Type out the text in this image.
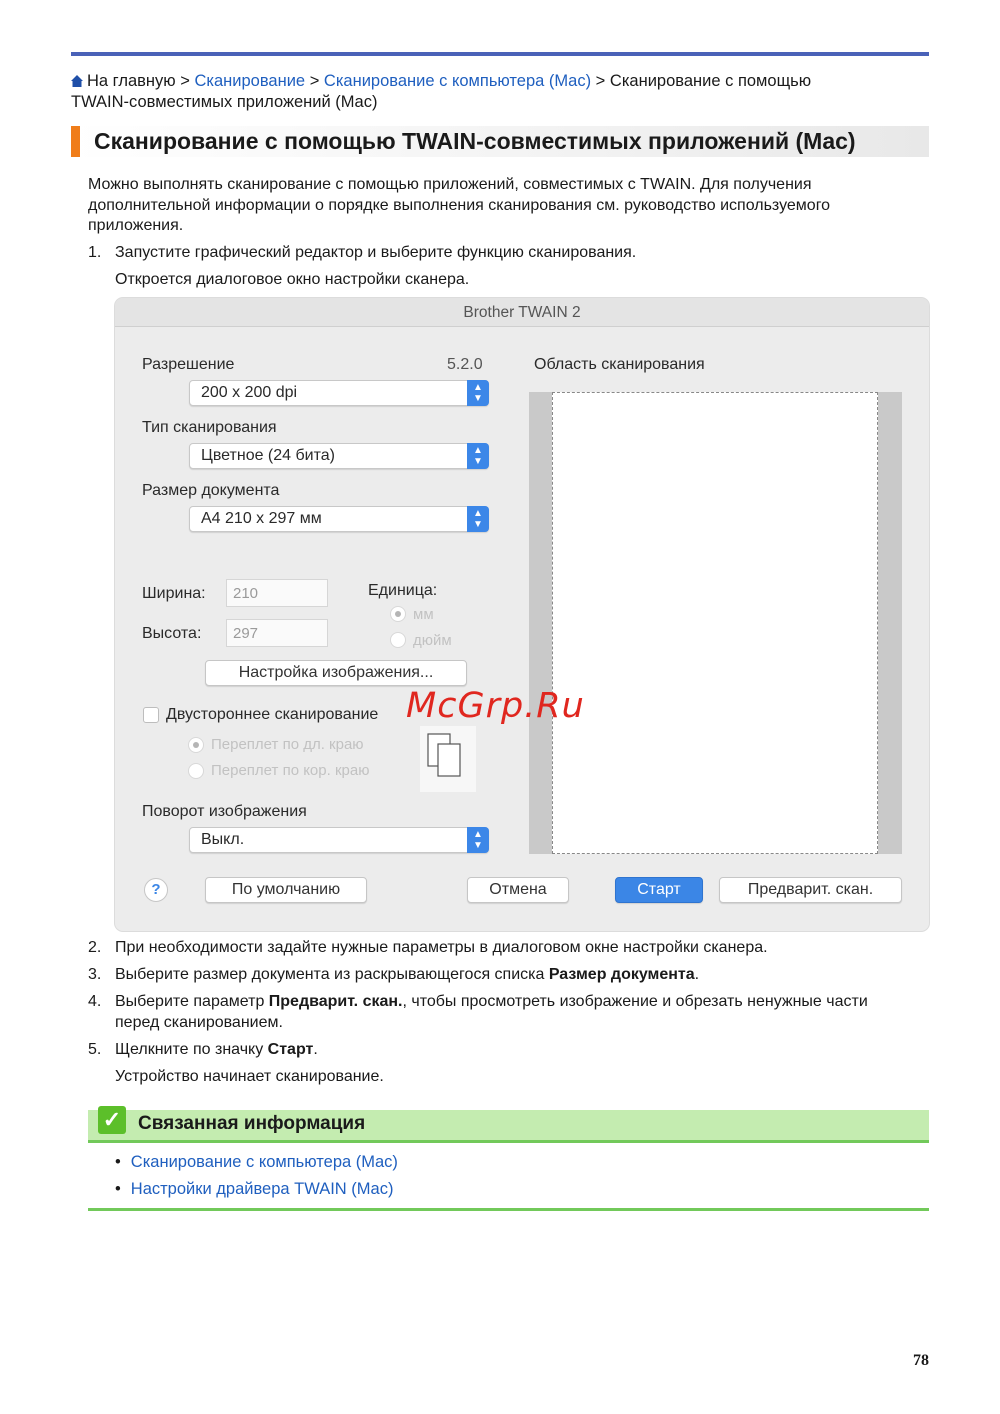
На главную > Сканирование > Сканирование с компьютера (Mac) > Сканирование с помощью
TWAIN-совместимых приложений (Mac)
Сканирование с помощью TWAIN-совместимых приложений (Mac)
Можно выполнять сканирование с помощью приложений, совместимых с TWAIN. Для получения
дополнительной информации о порядке выполнения сканирования см. руководство используемого
приложения.
1. Запустите графический редактор и выберите функцию сканирования.
Откроется диалоговое окно настройки сканера.
Brother TWAIN 2
Разрешение	5.2.0
200 x 200 dpi	▲
▼
Тип сканирования
Цветное (24 бита)	▲
▼
Размер документа
A4 210 x 297 мм	▲
▼
Ширина: 210
Высота: 297
Единица:
мм
дюйм
Настройка изображения...
Двустороннее сканирование
Переплет по дл. краю
Переплет по кор. краю
Поворот изображения
Выкл.	▲
▼
Область сканирования
?	По умолчанию	Отмена	Старт	Предварит. скан.
McGrp.Ru
2. При необходимости задайте нужные параметры в диалоговом окне настройки сканера.
3. Выберите размер документа из раскрывающегося списка Размер документа.
4. Выберите параметр Предварит. скан., чтобы просмотреть изображение и обрезать ненужные части
перед сканированием.
5. Щелкните по значку Старт.
Устройство начинает сканирование.
✓ Связанная информация
• Сканирование с компьютера (Mac)
• Настройки драйвера TWAIN (Mac)
78
